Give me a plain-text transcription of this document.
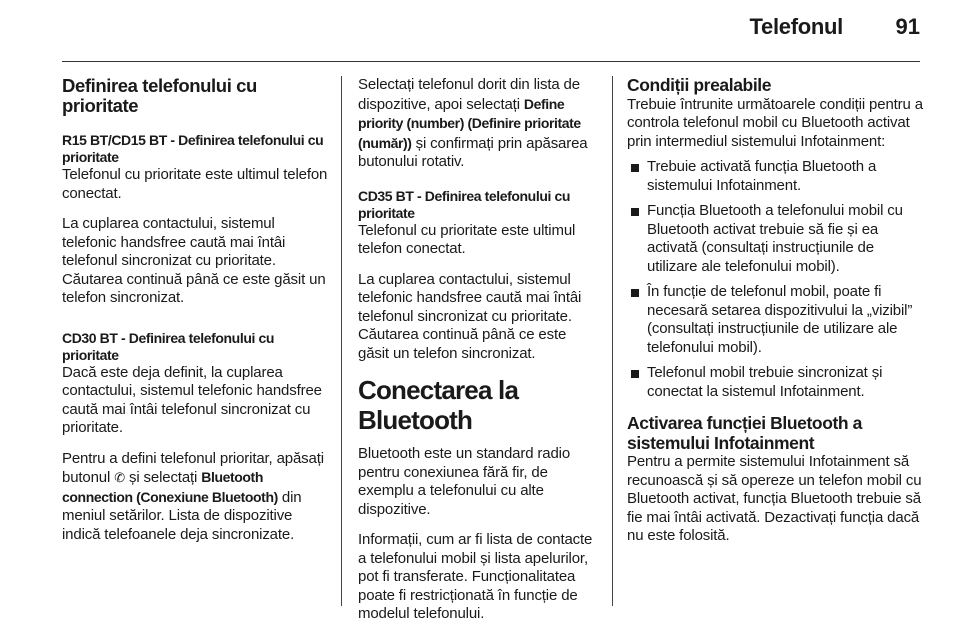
Telefonul 91
Definirea telefonului cu prioritate
R15 BT/CD15 BT - Definirea telefonului cu prioritate

Telefonul cu prioritate este ultimul telefon conectat.

La cuplarea contactului, sistemul telefonic handsfree caută mai întâi telefonul sincronizat cu prioritate. Căutarea continuă până ce este găsit un telefon sincronizat.

CD30 BT - Definirea telefonului cu prioritate

Dacă este deja definit, la cuplarea contactului, sistemul telefonic handsfree caută mai întâi telefonul sincronizat cu prioritate.

Pentru a defini telefonul prioritar, apăsați butonul ✆ și selectați Bluetooth connection (Conexiune Bluetooth) din meniul setărilor. Lista de dispozitive indică telefoanele deja sincronizate.

Selectați telefonul dorit din lista de dispozitive, apoi selectați Define priority (number) (Definire prioritate (număr)) și confirmați prin apăsarea butonului rotativ.

CD35 BT - Definirea telefonului cu prioritate

Telefonul cu prioritate este ultimul telefon conectat.

La cuplarea contactului, sistemul telefonic handsfree caută mai întâi telefonul sincronizat cu prioritate. Căutarea continuă până ce este găsit un telefon sincronizat.

Conectarea la Bluetooth

Bluetooth este un standard radio pentru conexiunea fără fir, de exemplu a telefonului cu alte dispozitive.

Informații, cum ar fi lista de contacte a telefonului mobil și lista apelurilor, pot fi transferate. Funcționalitatea poate fi restricționată în funcție de modelul telefonului.

Condiții prealabile

Trebuie întrunite următoarele condiții pentru a controla telefonul mobil cu Bluetooth activat prin intermediul sistemului Infotainment:

Trebuie activată funcția Bluetooth a sistemului Infotainment.
Funcția Bluetooth a telefonului mobil cu Bluetooth activat trebuie să fie și ea activată (consultați instrucțiunile de utilizare ale telefonului mobil).
În funcție de telefonul mobil, poate fi necesară setarea dispozitivului la „vizibil” (consultați instrucțiunile de utilizare ale telefonului mobil).
Telefonul mobil trebuie sincronizat și conectat la sistemul Infotainment.
Activarea funcției Bluetooth a sistemului Infotainment

Pentru a permite sistemului Infotainment să recunoască și să opereze un telefon mobil cu Bluetooth activat, funcția Bluetooth trebuie să fie mai întâi activată. Dezactivați funcția dacă nu este folosită.
